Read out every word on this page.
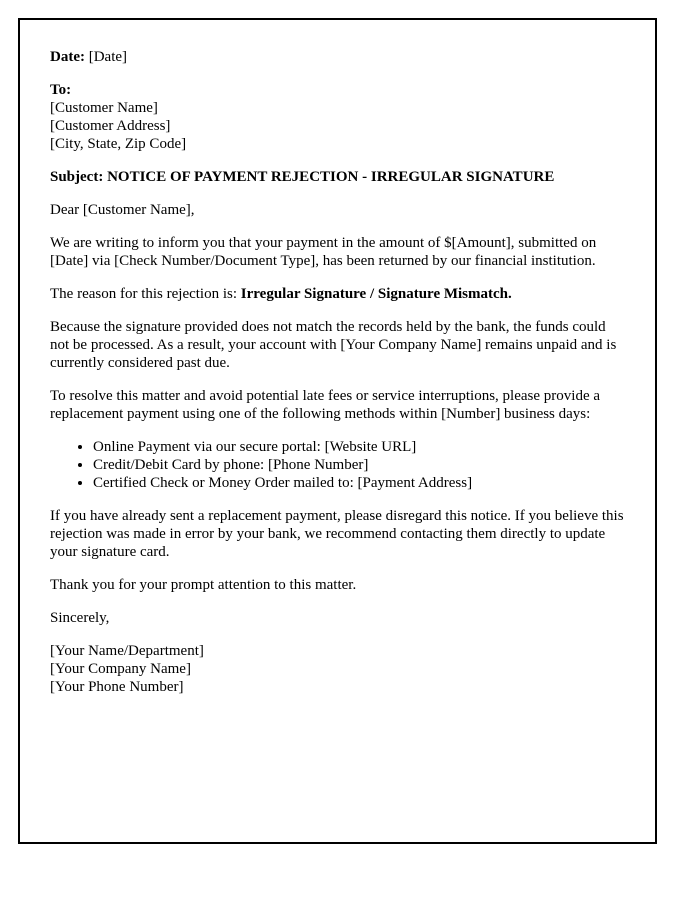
Date: [Date]

To:
[Customer Name]
[Customer Address]
[City, State, Zip Code]

Subject: NOTICE OF PAYMENT REJECTION - IRREGULAR SIGNATURE

Dear [Customer Name],

We are writing to inform you that your payment in the amount of $[Amount], submitted on [Date] via [Check Number/Document Type], has been returned by our financial institution.

The reason for this rejection is: Irregular Signature / Signature Mismatch.

Because the signature provided does not match the records held by the bank, the funds could not be processed. As a result, your account with [Your Company Name] remains unpaid and is currently considered past due.

To resolve this matter and avoid potential late fees or service interruptions, please provide a replacement payment using one of the following methods within [Number] business days:

• Online Payment via our secure portal: [Website URL]
• Credit/Debit Card by phone: [Phone Number]
• Certified Check or Money Order mailed to: [Payment Address]

If you have already sent a replacement payment, please disregard this notice. If you believe this rejection was made in error by your bank, we recommend contacting them directly to update your signature card.

Thank you for your prompt attention to this matter.

Sincerely,

[Your Name/Department]
[Your Company Name]
[Your Phone Number]
